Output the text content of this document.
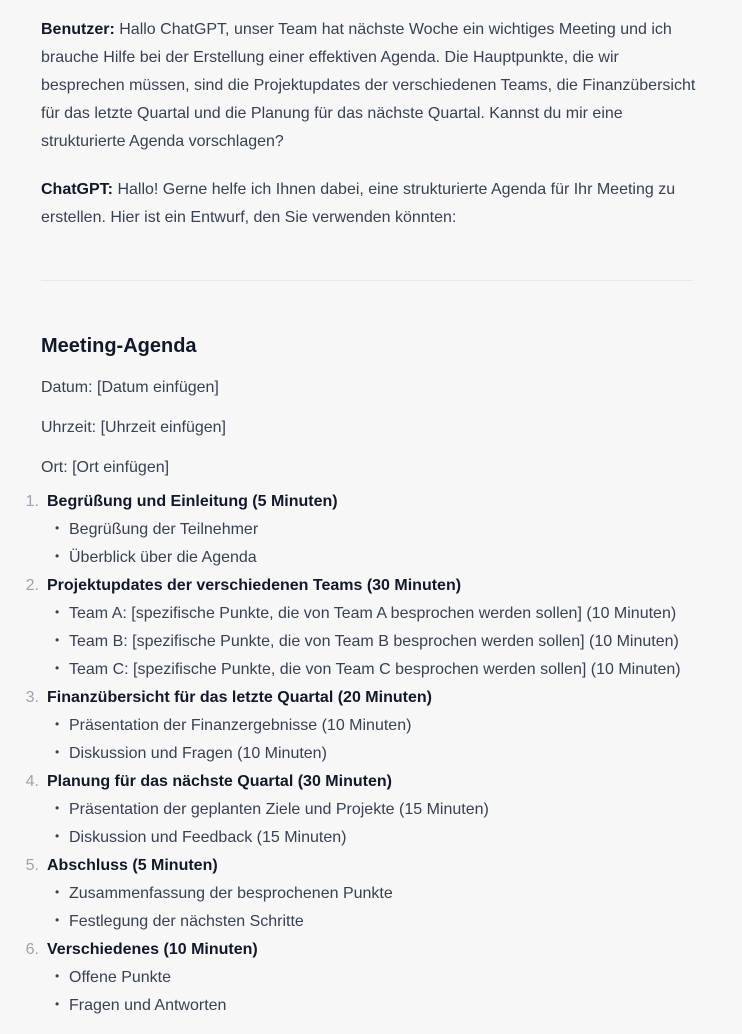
Benutzer: Hallo ChatGPT, unser Team hat nächste Woche ein wichtiges Meeting und ich brauche Hilfe bei der Erstellung einer effektiven Agenda. Die Hauptpunkte, die wir besprechen müssen, sind die Projektupdates der verschiedenen Teams, die Finanzübersicht für das letzte Quartal und die Planung für das nächste Quartal. Kannst du mir eine strukturierte Agenda vorschlagen?

ChatGPT: Hallo! Gerne helfe ich Ihnen dabei, eine strukturierte Agenda für Ihr Meeting zu erstellen. Hier ist ein Entwurf, den Sie verwenden könnten:

Meeting-Agenda

Datum: [Datum einfügen]

Uhrzeit: [Uhrzeit einfügen]

Ort: [Ort einfügen]

1. Begrüßung und Einleitung (5 Minuten)
• Begrüßung der Teilnehmer
• Überblick über die Agenda
2. Projektupdates der verschiedenen Teams (30 Minuten)
• Team A: [spezifische Punkte, die von Team A besprochen werden sollen] (10 Minuten)
• Team B: [spezifische Punkte, die von Team B besprochen werden sollen] (10 Minuten)
• Team C: [spezifische Punkte, die von Team C besprochen werden sollen] (10 Minuten)
3. Finanzübersicht für das letzte Quartal (20 Minuten)
• Präsentation der Finanzergebnisse (10 Minuten)
• Diskussion und Fragen (10 Minuten)
4. Planung für das nächste Quartal (30 Minuten)
• Präsentation der geplanten Ziele und Projekte (15 Minuten)
• Diskussion und Feedback (15 Minuten)
5. Abschluss (5 Minuten)
• Zusammenfassung der besprochenen Punkte
• Festlegung der nächsten Schritte
6. Verschiedenes (10 Minuten)
• Offene Punkte
• Fragen und Antworten
